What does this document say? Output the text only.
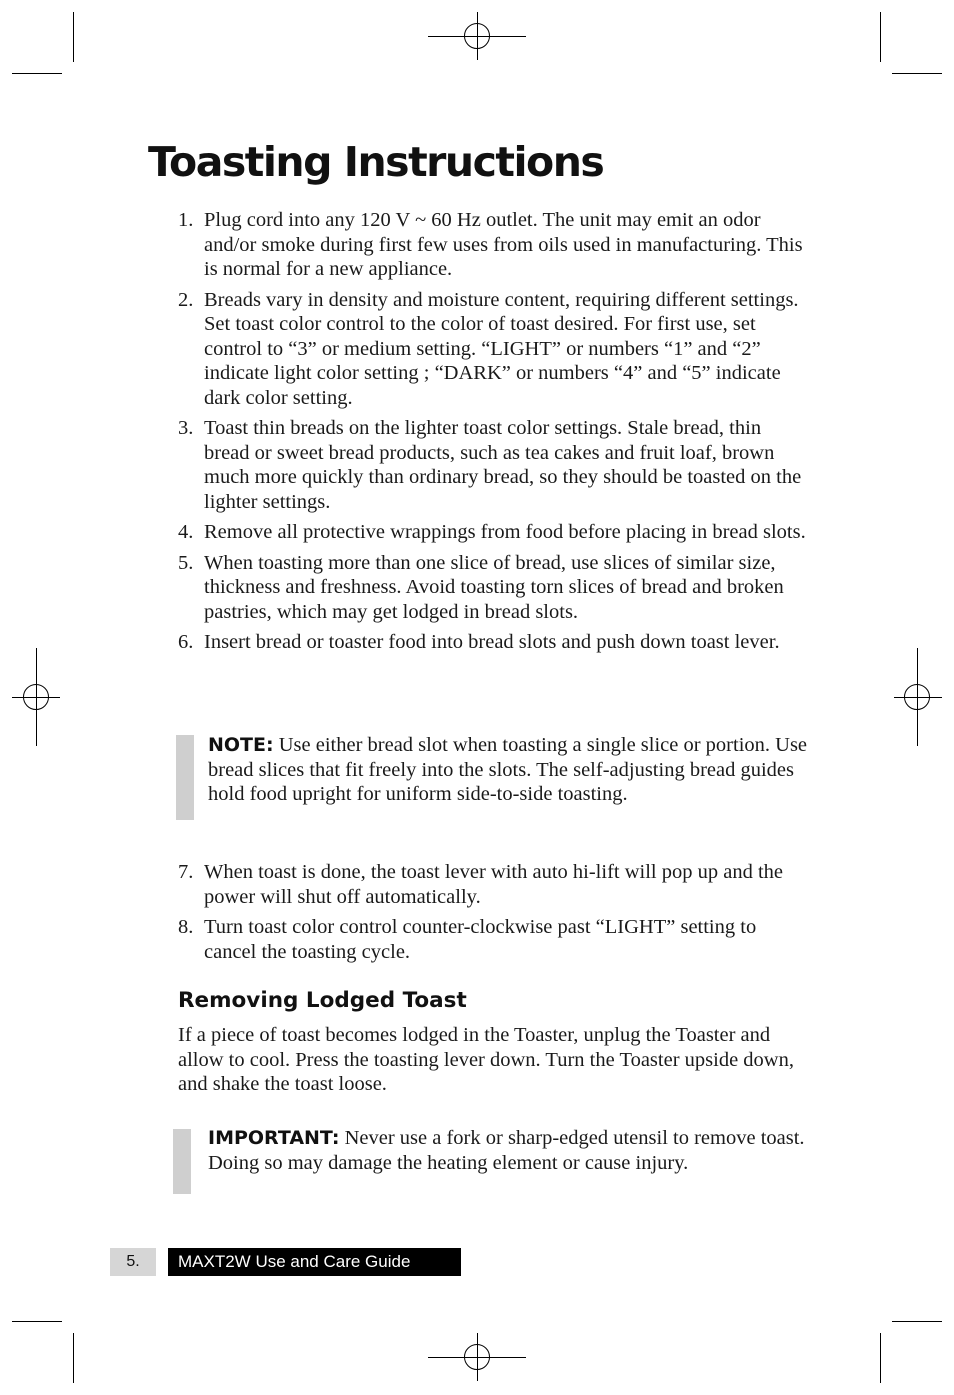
Toasting Instructions
1. Plug cord into any 120 V ~ 60 Hz outlet. The unit may emit an odor and/or smoke during first few uses from oils used in manufacturing. This is normal for a new appliance.
2. Breads vary in density and moisture content, requiring different settings. Set toast color control to the color of toast desired. For first use, set control to “3” or medium setting. “LIGHT” or numbers “1” and “2” indicate light color setting ; “DARK” or numbers “4” and “5” indicate dark color setting.
3. Toast thin breads on the lighter toast color settings. Stale bread, thin bread or sweet bread products, such as tea cakes and fruit loaf, brown much more quickly than ordinary bread, so they should be toasted on the lighter settings.
4. Remove all protective wrappings from food before placing in bread slots.
5. When toasting more than one slice of bread, use slices of similar size, thickness and freshness. Avoid toasting torn slices of bread and broken pastries, which may get lodged in bread slots.
6. Insert bread or toaster food into bread slots and push down toast lever.
NOTE: Use either bread slot when toasting a single slice or portion. Use bread slices that fit freely into the slots. The self-adjusting bread guides hold food upright for uniform side-to-side toasting.
7. When toast is done, the toast lever with auto hi-lift will pop up and the power will shut off automatically.
8. Turn toast color control counter-clockwise past “LIGHT” setting to cancel the toasting cycle.
Removing Lodged Toast
If a piece of toast becomes lodged in the Toaster, unplug the Toaster and allow to cool. Press the toasting lever down. Turn the Toaster upside down, and shake the toast loose.
IMPORTANT: Never use a fork or sharp-edged utensil to remove toast. Doing so may damage the heating element or cause injury.
5.	MAXT2W Use and Care Guide
